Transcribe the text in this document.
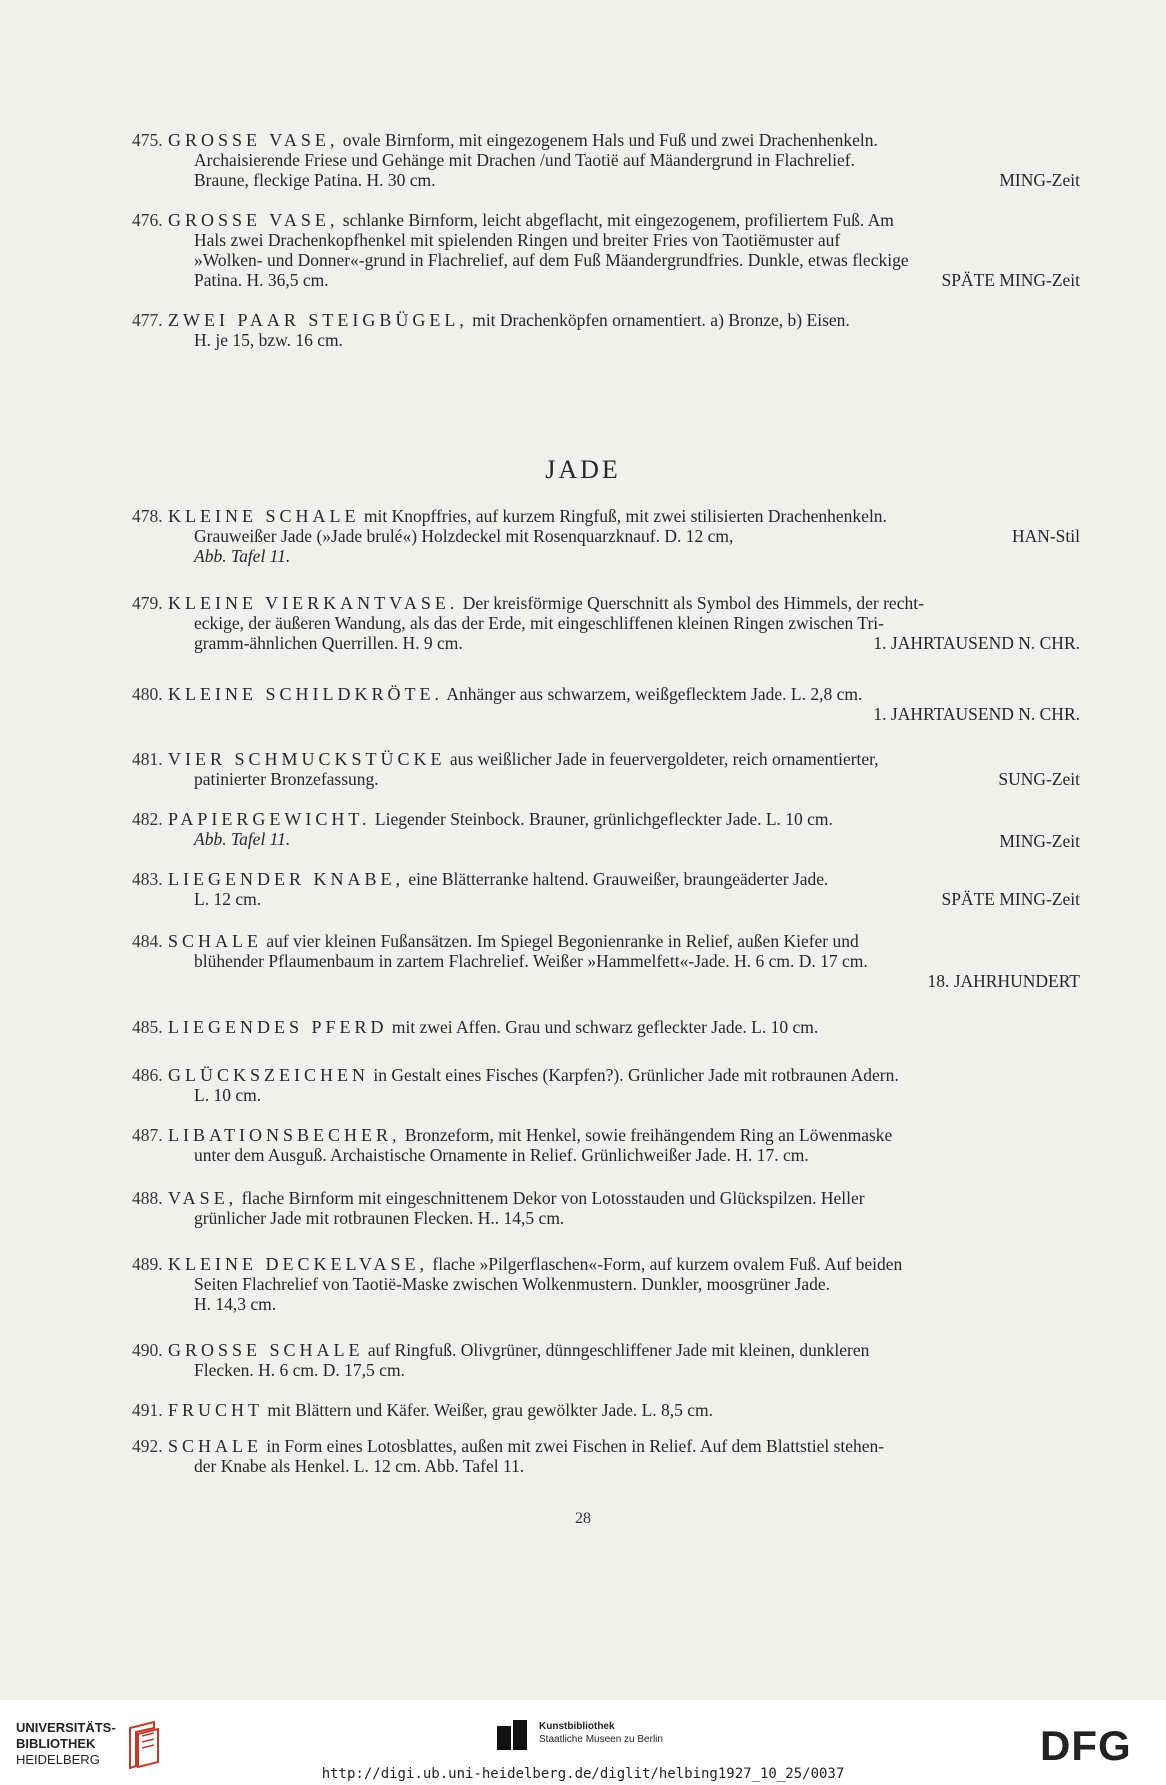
475. GROSSE VASE, ovale Birnform, mit eingezogenem Hals und Fuß und zwei Drachenhenkeln.
Archaisierende Friese und Gehänge mit Drachen /und Taotië auf Mäandergrund in Flachrelief.
Braune, fleckige Patina. H. 30 cm.	MING-Zeit
476. GROSSE VASE, schlanke Birnform, leicht abgeflacht, mit eingezogenem, profiliertem Fuß. Am
Hals zwei Drachenkopfhenkel mit spielenden Ringen und breiter Fries von Taotiëmuster auf
»Wolken- und Donner«-grund in Flachrelief, auf dem Fuß Mäandergrundfries. Dunkle, etwas fleckige
Patina. H. 36,5 cm.	SPÄTE MING-Zeit
477. ZWEI PAAR STEIGBÜGEL, mit Drachenköpfen ornamentiert. a) Bronze, b) Eisen.
H. je 15, bzw. 16 cm.
JADE
478. KLEINE SCHALE mit Knopffries, auf kurzem Ringfuß, mit zwei stilisierten Drachenhenkeln.
Grauweißer Jade (»Jade brulé«) Holzdeckel mit Rosenquarzknauf. D. 12 cm,	HAN-Stil
Abb. Tafel 11.
479. KLEINE VIERKANTVASE. Der kreisförmige Querschnitt als Symbol des Himmels, der recht-
eckige, der äußeren Wandung, als das der Erde, mit eingeschliffenen kleinen Ringen zwischen Tri-
gramm-ähnlichen Querrillen. H. 9 cm.	1. JAHRTAUSEND N. CHR.
480. KLEINE SCHILDKRÖTE. Anhänger aus schwarzem, weißgeflecktem Jade. L. 2,8 cm.
1. JAHRTAUSEND N. CHR.
481. VIER SCHMUCKSTÜCKE aus weißlicher Jade in feuervergoldeter, reich ornamentierter,
patinierter Bronzefassung.	SUNG-Zeit
482. PAPIERGEWICHT. Liegender Steinbock. Brauner, grünlichgefleckter Jade. L. 10 cm.
Abb. Tafel 11.	MING-Zeit
483. LIEGENDER KNABE, eine Blätterranke haltend. Grauweißer, braungeäderter Jade.
L. 12 cm.	SPÄTE MING-Zeit
484. SCHALE auf vier kleinen Fußansätzen. Im Spiegel Begonienranke in Relief, außen Kiefer und
blühender Pflaumenbaum in zartem Flachrelief. Weißer »Hammelfett«-Jade. H. 6 cm. D. 17 cm.
18. JAHRHUNDERT
485. LIEGENDES PFERD mit zwei Affen. Grau und schwarz gefleckter Jade. L. 10 cm.
486. GLÜCKSZEICHEN in Gestalt eines Fisches (Karpfen?). Grünlicher Jade mit rotbraunen Adern.
L. 10 cm.
487. LIBATIONSBECHER, Bronzeform, mit Henkel, sowie freihängendem Ring an Löwenmaske
unter dem Ausguß. Archaistische Ornamente in Relief. Grünlichweißer Jade. H. 17. cm.
488. VASE, flache Birnform mit eingeschnittenem Dekor von Lotosstauden und Glückspilzen. Heller
grünlicher Jade mit rotbraunen Flecken. H.. 14,5 cm.
489. KLEINE DECKELVASE, flache »Pilgerflaschen«-Form, auf kurzem ovalem Fuß. Auf beiden
Seiten Flachrelief von Taotië-Maske zwischen Wolkenmustern. Dunkler, moosgrüner Jade.
H. 14,3 cm.
490. GROSSE SCHALE auf Ringfuß. Olivgrüner, dünngeschliffener Jade mit kleinen, dunkleren
Flecken. H. 6 cm. D. 17,5 cm.
491. FRUCHT mit Blättern und Käfer. Weißer, grau gewölkter Jade. L. 8,5 cm.
492. SCHALE in Form eines Lotosblattes, außen mit zwei Fischen in Relief. Auf dem Blattstiel stehen-
der Knabe als Henkel. L. 12 cm. Abb. Tafel 11.
28
UNIVERSITÄTS-
BIBLIOTHEK
HEIDELBERG
Kunstbibliothek
Staatliche Museen zu Berlin	DFG
http://digi.ub.uni-heidelberg.de/diglit/helbing1927_10_25/0037
